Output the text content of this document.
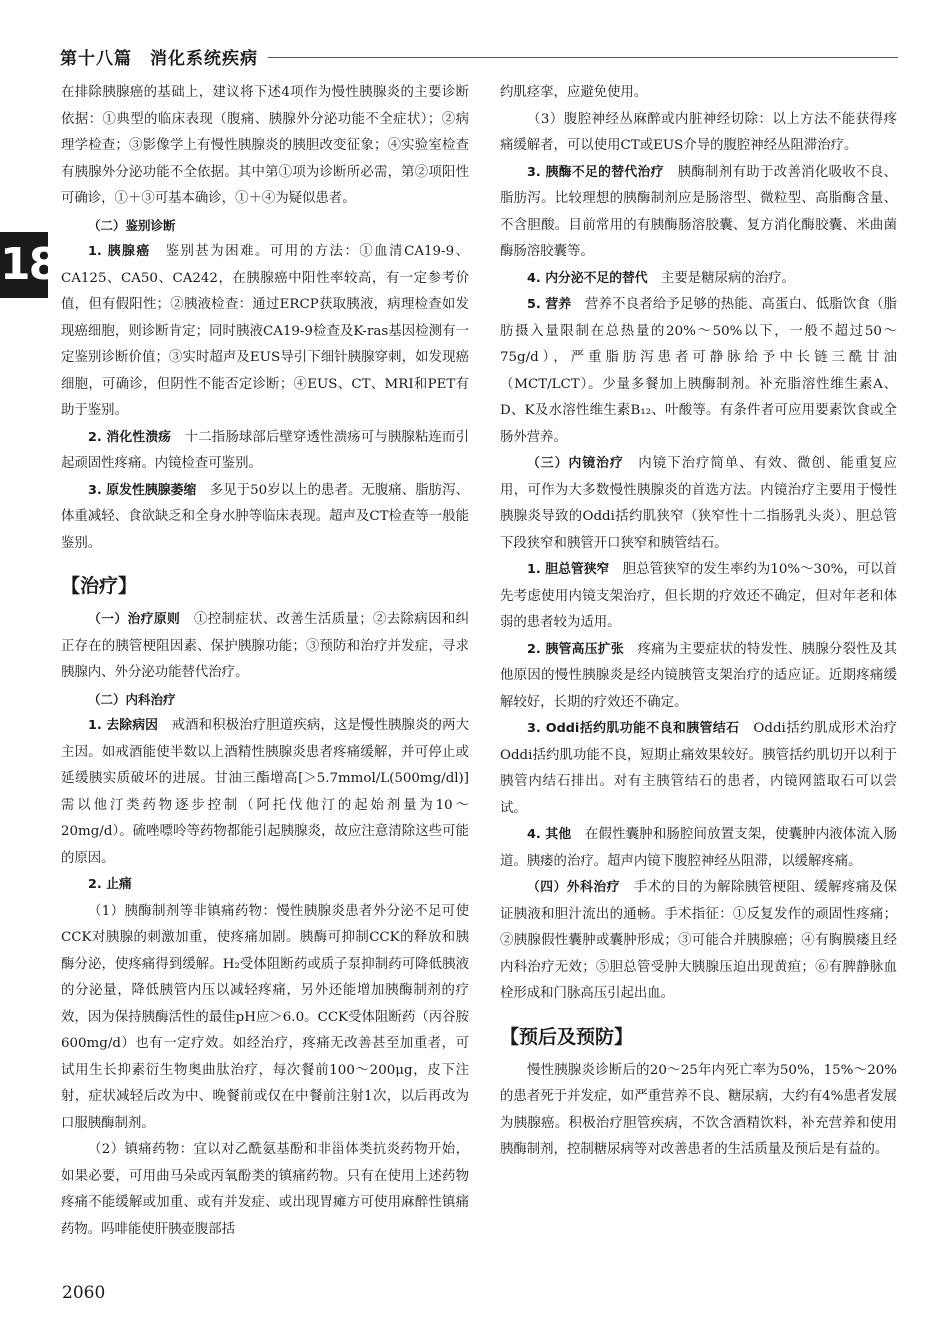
第十八篇　消化系统疾病
18

在排除胰腺癌的基础上，建议将下述4项作为慢性胰腺炎的主要诊断依据：①典型的临床表现（腹痛、胰腺外分泌功能不全症状）；②病理学检查；③影像学上有慢性胰腺炎的胰胆改变征象；④实验室检查有胰腺外分泌功能不全依据。其中第①项为诊断所必需，第②项阳性可确诊，①＋③可基本确诊，①＋④为疑似患者。

（二）鉴别诊断

1. 胰腺癌　鉴别甚为困难。可用的方法：①血清CA19-9、CA125、CA50、CA242，在胰腺癌中阳性率较高，有一定参考价值，但有假阳性；②胰液检查：通过ERCP获取胰液，病理检查如发现癌细胞，则诊断肯定；同时胰液CA19-9检查及K-ras基因检测有一定鉴别诊断价值；③实时超声及EUS导引下细针胰腺穿刺，如发现癌细胞，可确诊，但阴性不能否定诊断；④EUS、CT、MRI和PET有助于鉴别。

2. 消化性溃疡　十二指肠球部后壁穿透性溃疡可与胰腺粘连而引起顽固性疼痛。内镜检查可鉴别。

3. 原发性胰腺萎缩　多见于50岁以上的患者。无腹痛、脂肪泻、体重减轻、食欲缺乏和全身水肿等临床表现。超声及CT检查等一般能鉴别。

【治疗】

（一）治疗原则　①控制症状、改善生活质量；②去除病因和纠正存在的胰管梗阻因素、保护胰腺功能；③预防和治疗并发症，寻求胰腺内、外分泌功能替代治疗。

（二）内科治疗

1. 去除病因　戒酒和积极治疗胆道疾病，这是慢性胰腺炎的两大主因。如戒酒能使半数以上酒精性胰腺炎患者疼痛缓解，并可停止或延缓胰实质破坏的进展。甘油三酯增高[＞5.7mmol/L(500mg/dl)]需以他汀类药物逐步控制（阿托伐他汀的起始剂量为10～20mg/d）。硫唑嘌呤等药物都能引起胰腺炎，故应注意清除这些可能的原因。

2. 止痛

（1）胰酶制剂等非镇痛药物：慢性胰腺炎患者外分泌不足可使CCK对胰腺的刺激加重，使疼痛加剧。胰酶可抑制CCK的释放和胰酶分泌，使疼痛得到缓解。H₂受体阻断药或质子泵抑制药可降低胰液的分泌量，降低胰管内压以减轻疼痛，另外还能增加胰酶制剂的疗效，因为保持胰酶活性的最佳pH应＞6.0。CCK受体阻断药（丙谷胺600mg/d）也有一定疗效。如经治疗，疼痛无改善甚至加重者，可试用生长抑素衍生物奥曲肽治疗，每次餐前100～200μg，皮下注射，症状减轻后改为中、晚餐前或仅在中餐前注射1次，以后再改为口服胰酶制剂。

（2）镇痛药物：宜以对乙酰氨基酚和非甾体类抗炎药物开始，如果必要，可用曲马朵或丙氧酚类的镇痛药物。只有在使用上述药物疼痛不能缓解或加重、或有并发症、或出现胃瘫方可使用麻醉性镇痛药物。吗啡能使肝胰壶腹部括

约肌痉挛，应避免使用。

（3）腹腔神经丛麻醉或内脏神经切除：以上方法不能获得疼痛缓解者，可以使用CT或EUS介导的腹腔神经丛阻滞治疗。

3. 胰酶不足的替代治疗　胰酶制剂有助于改善消化吸收不良、脂肪泻。比较理想的胰酶制剂应是肠溶型、微粒型、高脂酶含量、不含胆酸。目前常用的有胰酶肠溶胶囊、复方消化酶胶囊、米曲菌酶肠溶胶囊等。

4. 内分泌不足的替代　主要是糖尿病的治疗。

5. 营养　营养不良者给予足够的热能、高蛋白、低脂饮食（脂肪摄入量限制在总热量的20%～50%以下，一般不超过50～75g/d），严重脂肪泻患者可静脉给予中长链三酰甘油（MCT/LCT）。少量多餐加上胰酶制剂。补充脂溶性维生素A、D、K及水溶性维生素B₁₂、叶酸等。有条件者可应用要素饮食或全肠外营养。

（三）内镜治疗　内镜下治疗简单、有效、微创、能重复应用，可作为大多数慢性胰腺炎的首选方法。内镜治疗主要用于慢性胰腺炎导致的Oddi括约肌狭窄（狭窄性十二指肠乳头炎）、胆总管下段狭窄和胰管开口狭窄和胰管结石。

1. 胆总管狭窄　胆总管狭窄的发生率约为10%～30%，可以首先考虑使用内镜支架治疗，但长期的疗效还不确定，但对年老和体弱的患者较为适用。

2. 胰管高压扩张　疼痛为主要症状的特发性、胰腺分裂性及其他原因的慢性胰腺炎是经内镜胰管支架治疗的适应证。近期疼痛缓解较好，长期的疗效还不确定。

3. Oddi括约肌功能不良和胰管结石　Oddi括约肌成形术治疗Oddi括约肌功能不良，短期止痛效果较好。胰管括约肌切开以利于胰管内结石排出。对有主胰管结石的患者，内镜网篮取石可以尝试。

4. 其他　在假性囊肿和肠腔间放置支架，使囊肿内液体流入肠道。胰瘘的治疗。超声内镜下腹腔神经丛阻滞，以缓解疼痛。

（四）外科治疗　手术的目的为解除胰管梗阻、缓解疼痛及保证胰液和胆汁流出的通畅。手术指征：①反复发作的顽固性疼痛；②胰腺假性囊肿或囊肿形成；③可能合并胰腺癌；④有胸膜瘘且经内科治疗无效；⑤胆总管受肿大胰腺压迫出现黄疸；⑥有脾静脉血栓形成和门脉高压引起出血。

【预后及预防】

慢性胰腺炎诊断后的20～25年内死亡率为50%，15%～20%的患者死于并发症，如严重营养不良、糖尿病，大约有4%患者发展为胰腺癌。积极治疗胆管疾病，不饮含酒精饮料，补充营养和使用胰酶制剂，控制糖尿病等对改善患者的生活质量及预后是有益的。

2060
